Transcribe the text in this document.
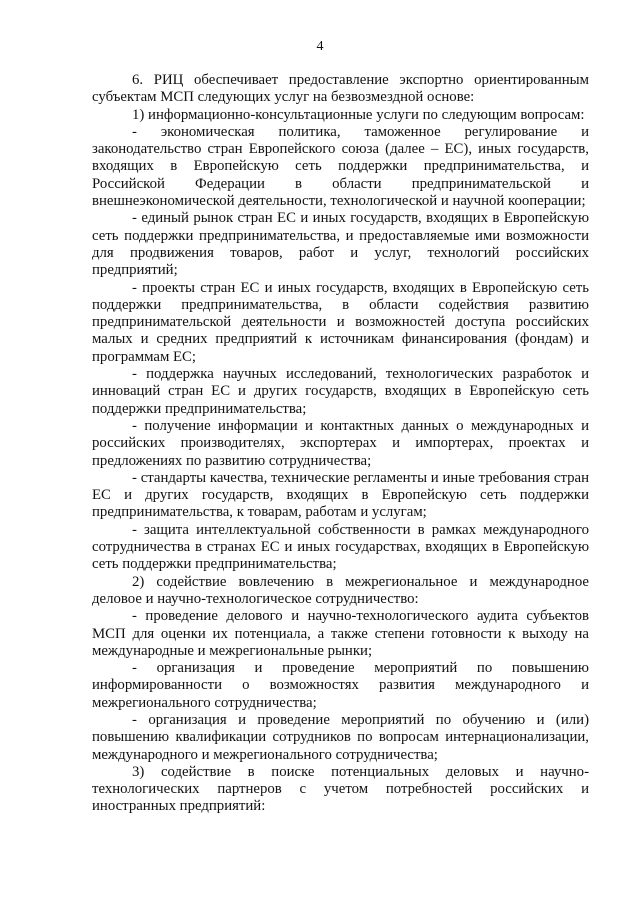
4

6. РИЦ обеспечивает предоставление экспортно ориентированным субъектам МСП следующих услуг на безвозмездной основе:

1) информационно-консультационные услуги по следующим вопросам:

- экономическая политика, таможенное регулирование и законодательство стран Европейского союза (далее – ЕС), иных государств, входящих в Европейскую сеть поддержки предпринимательства, и Российской Федерации в области предпринимательской и внешнеэкономической деятельности, технологической и научной кооперации;

- единый рынок стран ЕС и иных государств, входящих в Европейскую сеть поддержки предпринимательства, и предоставляемые ими возможности для продвижения товаров, работ и услуг, технологий российских предприятий;

- проекты стран ЕС и иных государств, входящих в Европейскую сеть поддержки предпринимательства, в области содействия развитию предпринимательской деятельности и возможностей доступа российских малых и средних предприятий к источникам финансирования (фондам) и программам ЕС;

- поддержка научных исследований, технологических разработок и инноваций стран ЕС и других государств, входящих в Европейскую сеть поддержки предпринимательства;

- получение информации и контактных данных о международных и российских производителях, экспортерах и импортерах, проектах и предложениях по развитию сотрудничества;

- стандарты качества, технические регламенты и иные требования стран ЕС и других государств, входящих в Европейскую сеть поддержки предпринимательства, к товарам, работам и услугам;

- защита интеллектуальной собственности в рамках международного сотрудничества в странах ЕС и иных государствах, входящих в Европейскую сеть поддержки предпринимательства;

2) содействие вовлечению в межрегиональное и международное деловое и научно-технологическое сотрудничество:

- проведение делового и научно-технологического аудита субъектов МСП для оценки их потенциала, а также степени готовности к выходу на международные и межрегиональные рынки;

- организация и проведение мероприятий по повышению информированности о возможностях развития международного и межрегионального сотрудничества;

- организация и проведение мероприятий по обучению и (или) повышению квалификации сотрудников по вопросам интернационализации, международного и межрегионального сотрудничества;

3) содействие в поиске потенциальных деловых и научно-технологических партнеров с учетом потребностей российских и иностранных предприятий:
